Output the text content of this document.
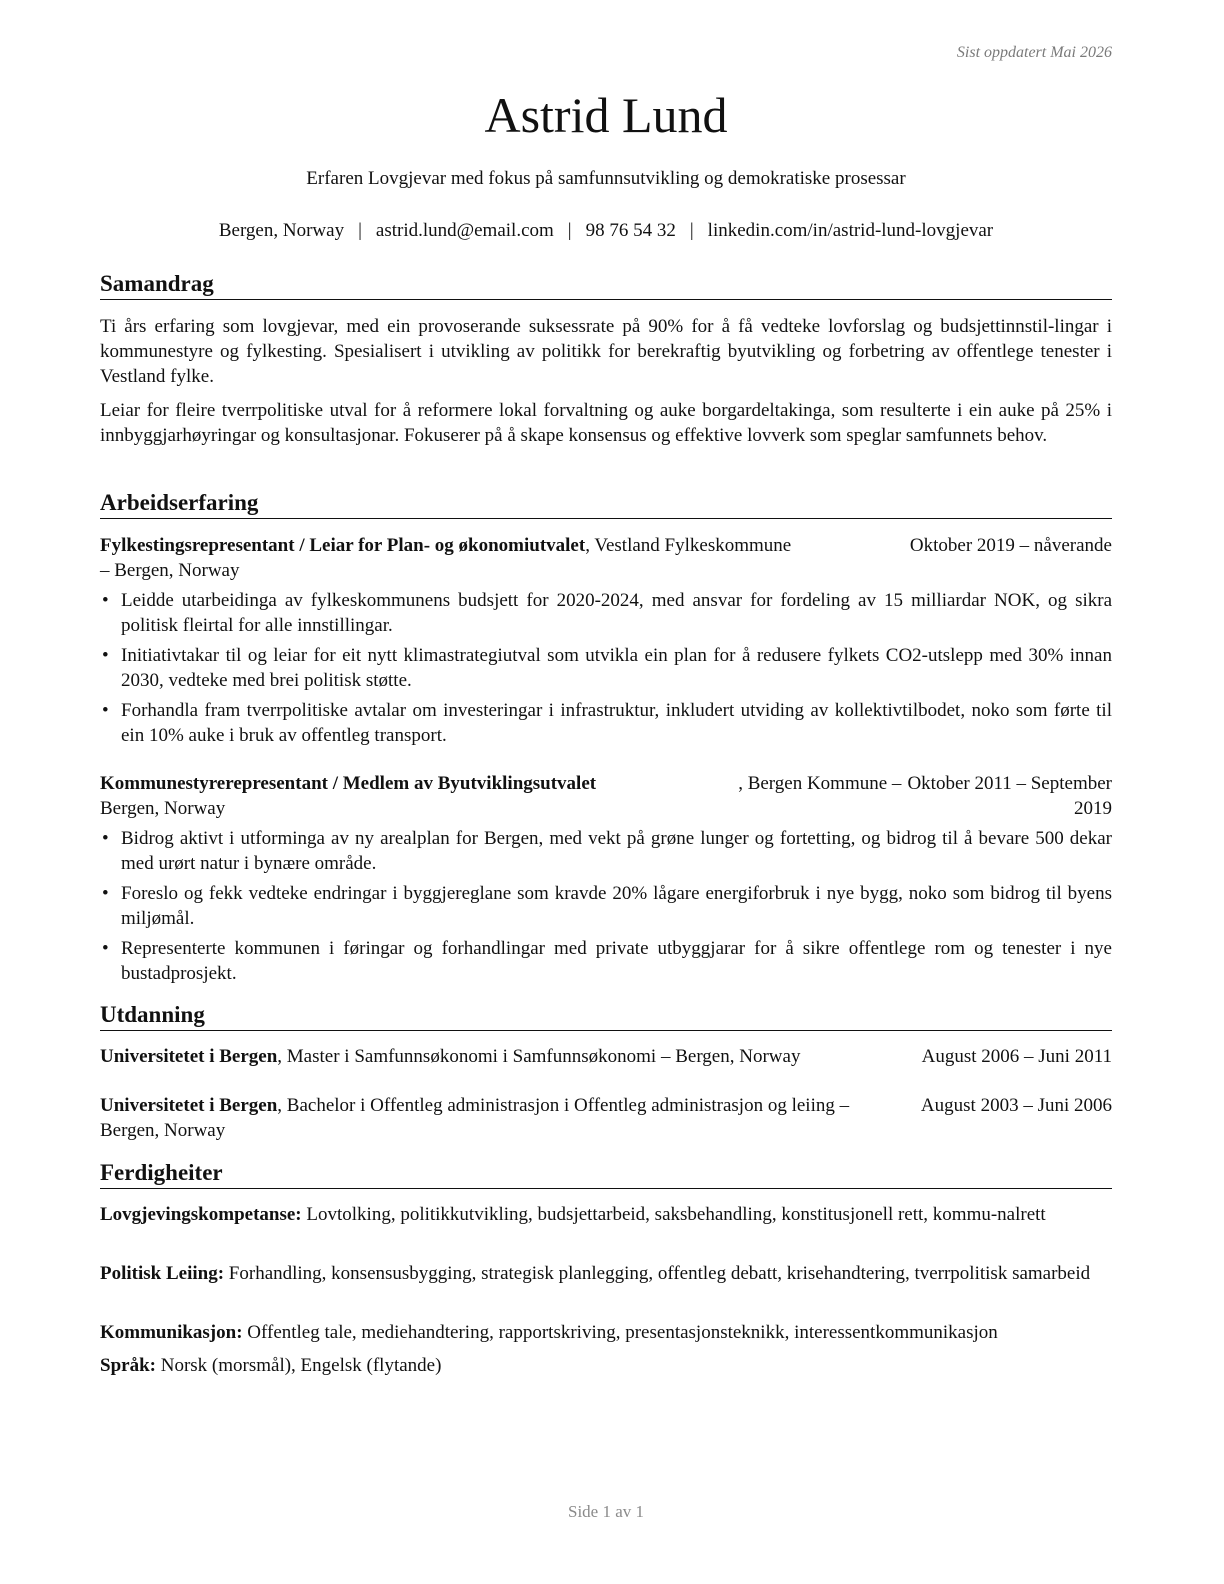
Sist oppdatert Mai 2026
Astrid Lund
Erfaren Lovgjevar med fokus på samfunnsutvikling og demokratiske prosessar
Bergen, Norway | astrid.lund@email.com | 98 76 54 32 | linkedin.com/in/astrid-lund-lovgjevar
Samandrag

Ti års erfaring som lovgjevar, med ein provoserande suksessrate på 90% for å få vedteke lovforslag og budsjettinnstil-lingar i kommunestyre og fylkesting. Spesialisert i utvikling av politikk for berekraftig byutvikling og forbetring av offentlege tenester i Vestland fylke.

Leiar for fleire tverrpolitiske utval for å reformere lokal forvaltning og auke borgardeltakinga, som resulterte i ein auke på 25% i innbyggjarhøyringar og konsultasjonar. Fokuserer på å skape konsensus og effektive lovverk som speglar samfunnets behov.

Arbeidserfaring
Fylkestingsrepresentant / Leiar for Plan- og økonomiutvalet, Vestland Fylkeskommune	Oktober 2019 – nåverande
– Bergen, Norway
• Leidde utarbeidinga av fylkeskommunens budsjett for 2020-2024, med ansvar for fordeling av 15 milliardar NOK, og sikra politisk fleirtal for alle innstillingar.
• Initiativtakar til og leiar for eit nytt klimastrategiutval som utvikla ein plan for å redusere fylkets CO2-utslepp med 30% innan 2030, vedteke med brei politisk støtte.
• Forhandla fram tverrpolitiske avtalar om investeringar i infrastruktur, inkludert utviding av kollektivtilbodet, noko som førte til ein 10% auke i bruk av offentleg transport.
Kommunestyrerepresentant / Medlem av Byutviklingsutvalet	, Bergen Kommune – Oktober 2011 – September
Bergen, Norway	2019
• Bidrog aktivt i utforminga av ny arealplan for Bergen, med vekt på grøne lunger og fortetting, og bidrog til å bevare 500 dekar med urørt natur i bynære område.
• Foreslo og fekk vedteke endringar i byggjereglane som kravde 20% lågare energiforbruk i nye bygg, noko som bidrog til byens miljømål.
• Representerte kommunen i føringar og forhandlingar med private utbyggjarar for å sikre offentlege rom og tenester i nye bustadprosjekt.
Utdanning
Universitetet i Bergen, Master i Samfunnsøkonomi i Samfunnsøkonomi – Bergen, Norway	August 2006 – Juni 2011
Universitetet i Bergen, Bachelor i Offentleg administrasjon i Offentleg administrasjon og leiing – Bergen, Norway
August 2003 – Juni 2006
Ferdigheiter

Lovgjevingskompetanse: Lovtolking, politikkutvikling, budsjettarbeid, saksbehandling, konstitusjonell rett, kommu-nalrett

Politisk Leiing: Forhandling, konsensusbygging, strategisk planlegging, offentleg debatt, krisehandtering, tverrpolitisk samarbeid

Kommunikasjon: Offentleg tale, mediehandtering, rapportskriving, presentasjonsteknikk, interessentkommunikasjon

Språk: Norsk (morsmål), Engelsk (flytande)

Side 1 av 1
